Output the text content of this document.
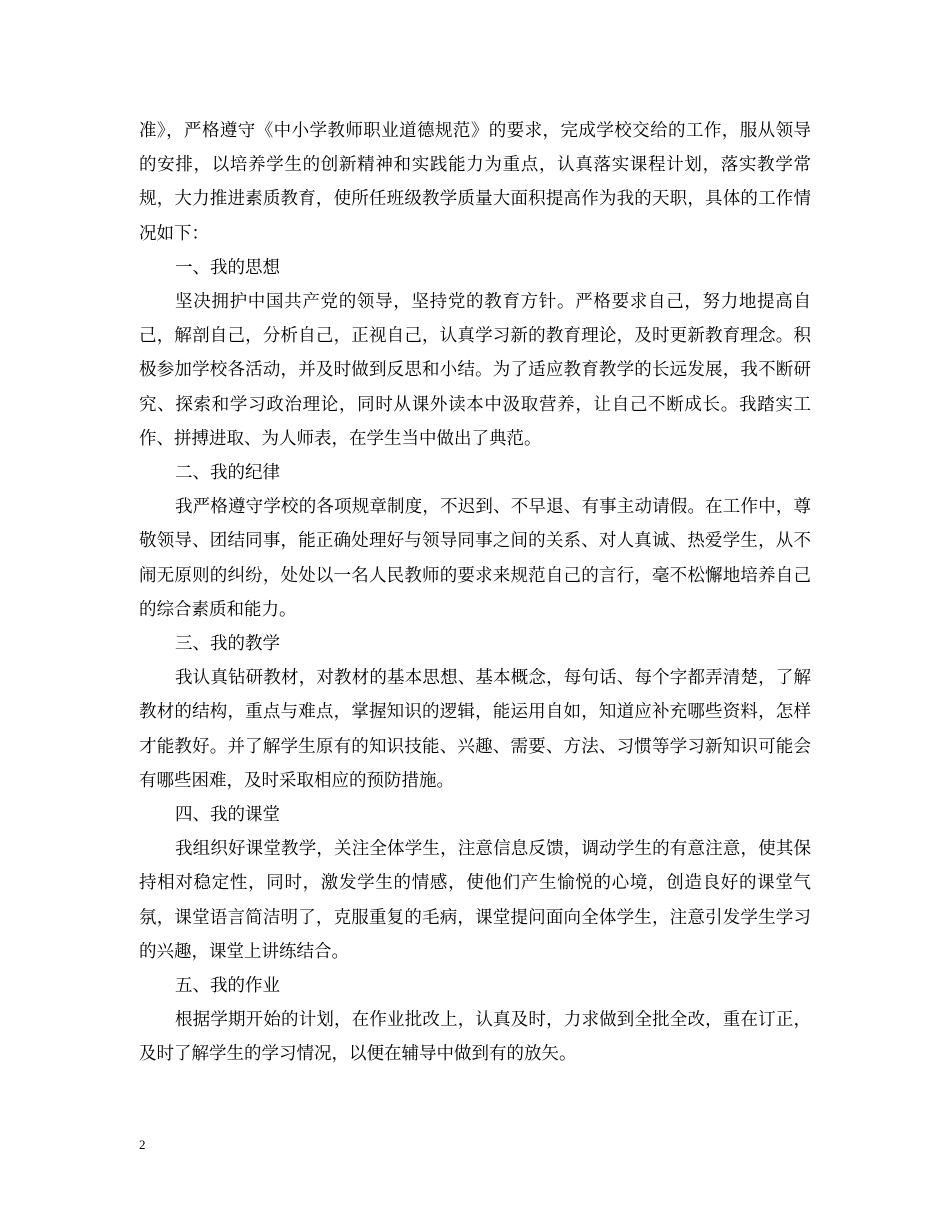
准》，严格遵守《中小学教师职业道德规范》的要求，完成学校交给的工作，服从领导的安排，以培养学生的创新精神和实践能力为重点，认真落实课程计划，落实教学常规，大力推进素质教育，使所任班级教学质量大面积提高作为我的天职，具体的工作情况如下：

一、我的思想

坚决拥护中国共产党的领导，坚持党的教育方针。严格要求自己，努力地提高自己，解剖自己，分析自己，正视自己，认真学习新的教育理论，及时更新教育理念。积极参加学校各活动，并及时做到反思和小结。为了适应教育教学的长远发展，我不断研究、探索和学习政治理论，同时从课外读本中汲取营养，让自己不断成长。我踏实工作、拼搏进取、为人师表，在学生当中做出了典范。

二、我的纪律

我严格遵守学校的各项规章制度，不迟到、不早退、有事主动请假。在工作中，尊敬领导、团结同事，能正确处理好与领导同事之间的关系、对人真诚、热爱学生，从不闹无原则的纠纷，处处以一名人民教师的要求来规范自己的言行，毫不松懈地培养自己的综合素质和能力。

三、我的教学

我认真钻研教材，对教材的基本思想、基本概念，每句话、每个字都弄清楚，了解教材的结构，重点与难点，掌握知识的逻辑，能运用自如，知道应补充哪些资料，怎样才能教好。并了解学生原有的知识技能、兴趣、需要、方法、习惯等学习新知识可能会有哪些困难，及时采取相应的预防措施。

四、我的课堂

我组织好课堂教学，关注全体学生，注意信息反馈，调动学生的有意注意，使其保持相对稳定性，同时，激发学生的情感，使他们产生愉悦的心境，创造良好的课堂气氛，课堂语言简洁明了，克服重复的毛病，课堂提问面向全体学生，注意引发学生学习的兴趣，课堂上讲练结合。

五、我的作业

根据学期开始的计划，在作业批改上，认真及时，力求做到全批全改，重在订正，及时了解学生的学习情况，以便在辅导中做到有的放矢。

2
